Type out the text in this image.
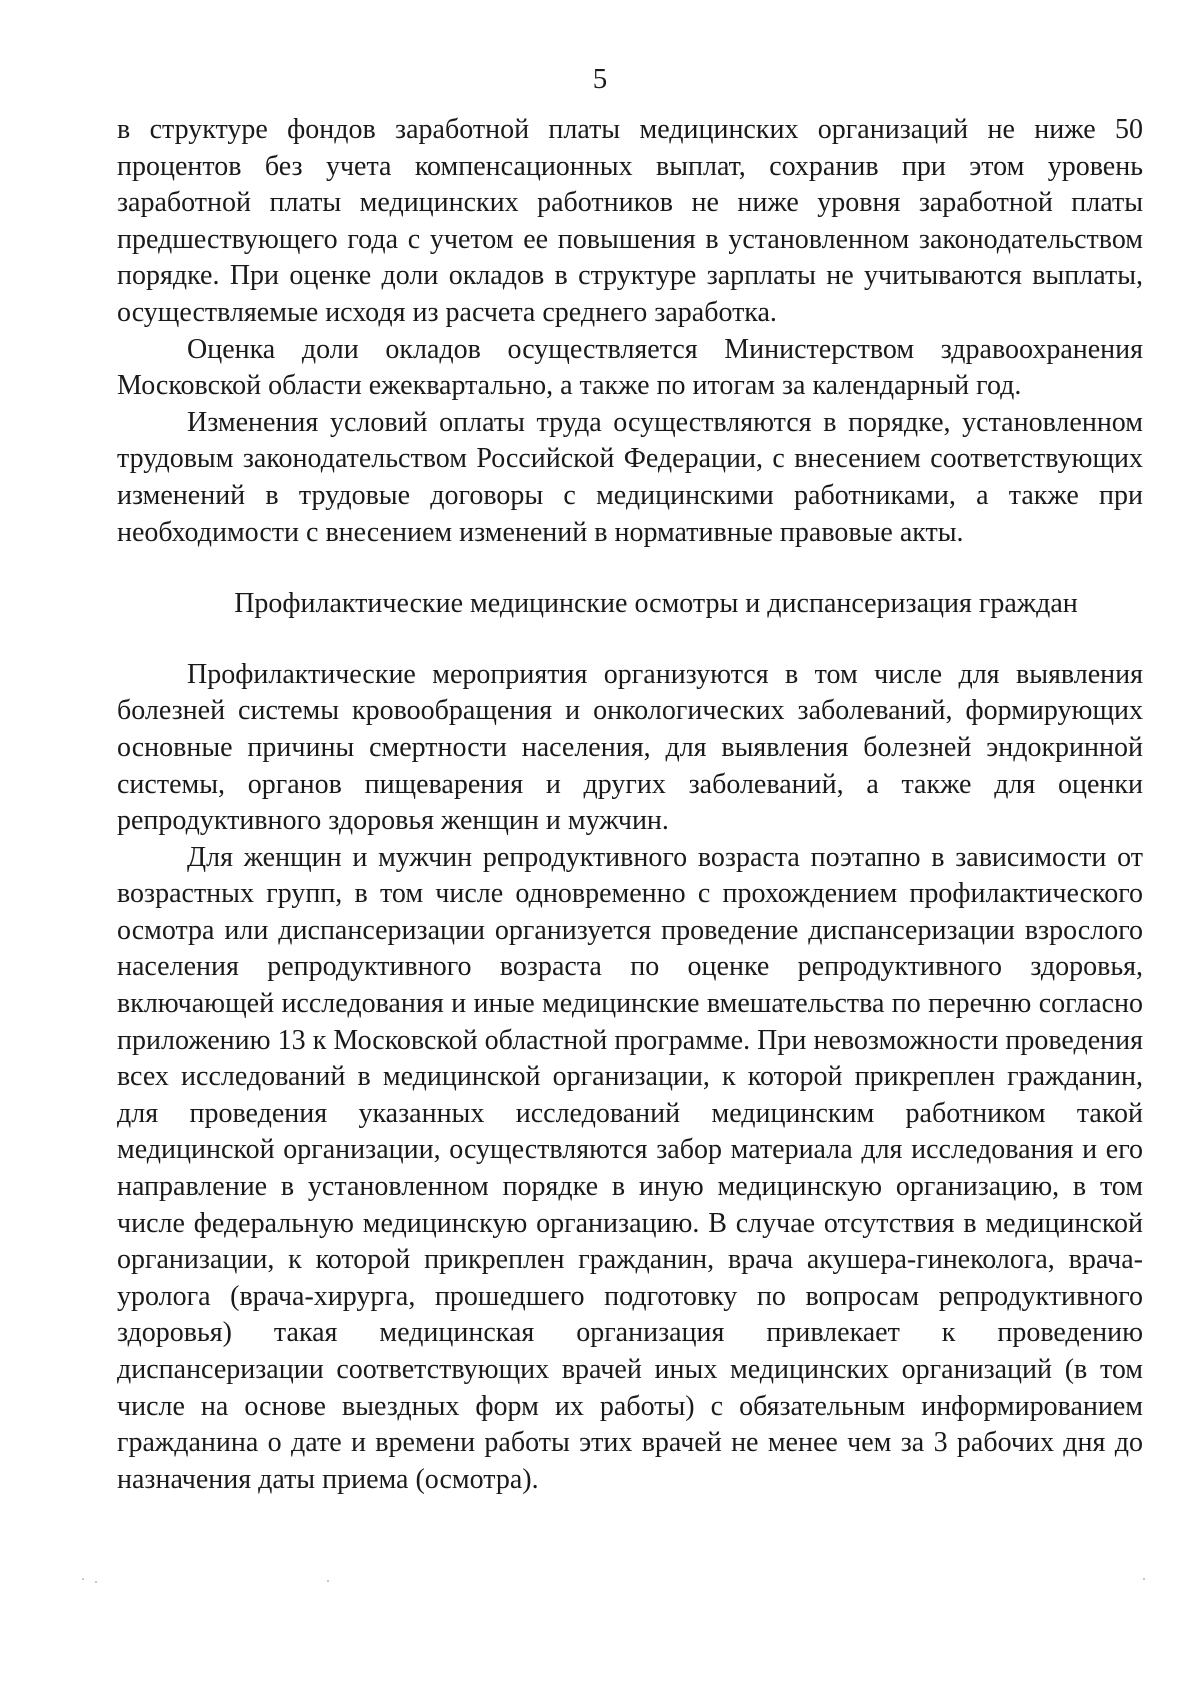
5

в структуре фондов заработной платы медицинских организаций не ниже 50 процентов без учета компенсационных выплат, сохранив при этом уровень заработной платы медицинских работников не ниже уровня заработной платы предшествующего года с учетом ее повышения в установленном законодательством порядке. При оценке доли окладов в структуре зарплаты не учитываются выплаты, осуществляемые исходя из расчета среднего заработка.

Оценка доли окладов осуществляется Министерством здравоохранения Московской области ежеквартально, а также по итогам за календарный год.

Изменения условий оплаты труда осуществляются в порядке, установленном трудовым законодательством Российской Федерации, с внесением соответствующих изменений в трудовые договоры с медицинскими работниками, а также при необходимости с внесением изменений в нормативные правовые акты.

Профилактические медицинские осмотры и диспансеризация граждан

Профилактические мероприятия организуются в том числе для выявления болезней системы кровообращения и онкологических заболеваний, формирующих основные причины смертности населения, для выявления болезней эндокринной системы, органов пищеварения и других заболеваний, а также для оценки репродуктивного здоровья женщин и мужчин.

Для женщин и мужчин репродуктивного возраста поэтапно в зависимости от возрастных групп, в том числе одновременно с прохождением профилактического осмотра или диспансеризации организуется проведение диспансеризации взрослого населения репродуктивного возраста по оценке репродуктивного здоровья, включающей исследования и иные медицинские вмешательства по перечню согласно приложению 13 к Московской областной программе. При невозможности проведения всех исследований в медицинской организации, к которой прикреплен гражданин, для проведения указанных исследований медицинским работником такой медицинской организации, осуществляются забор материала для исследования и его направление в установленном порядке в иную медицинскую организацию, в том числе федеральную медицинскую организацию. В случае отсутствия в медицинской организации, к которой прикреплен гражданин, врача акушера-гинеколога, врача-уролога (врача-хирурга, прошедшего подготовку по вопросам репродуктивного здоровья) такая медицинская организация привлекает к проведению диспансеризации соответствующих врачей иных медицинских организаций (в том числе на основе выездных форм их работы) с обязательным информированием гражданина о дате и времени работы этих врачей не менее чем за 3 рабочих дня до назначения даты приема (осмотра).
